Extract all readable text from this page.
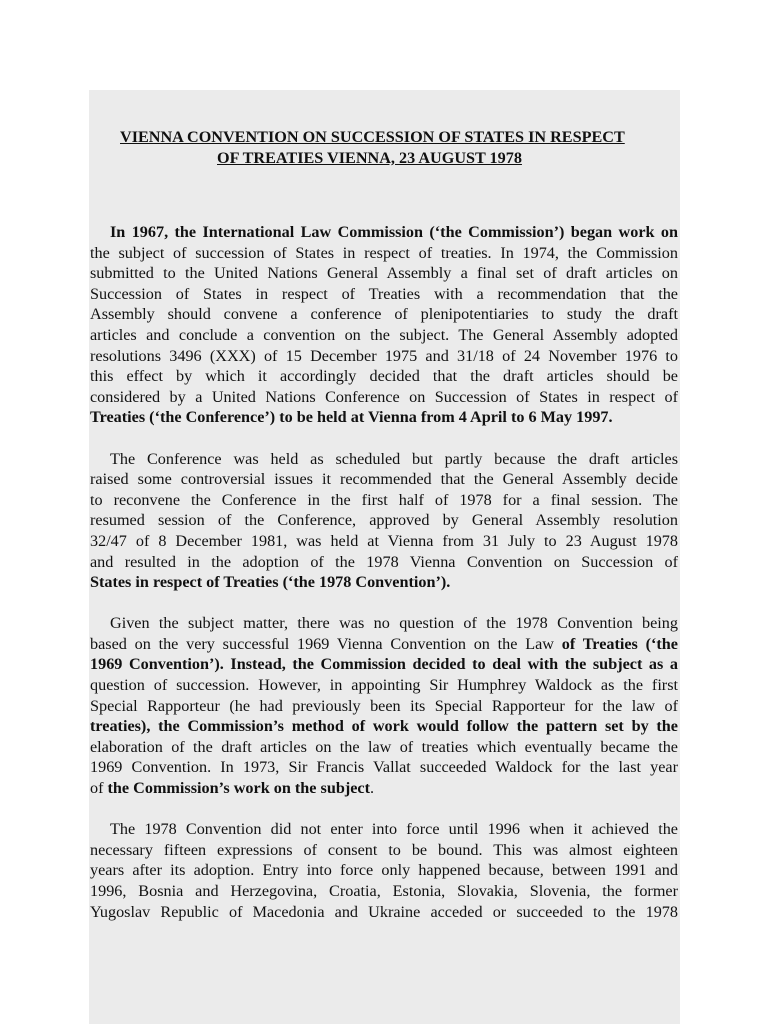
VIENNA CONVENTION ON SUCCESSION OF STATES IN RESPECT
OF TREATIES VIENNA, 23 AUGUST 1978
In 1967, the International Law Commission (‘the Commission’) began work on
the subject of succession of States in respect of treaties. In 1974, the Commission
submitted to the United Nations General Assembly a final set of draft articles on
Succession of States in respect of Treaties with a recommendation that the
Assembly should convene a conference of plenipotentiaries to study the draft
articles and conclude a convention on the subject. The General Assembly adopted
resolutions 3496 (XXX) of 15 December 1975 and 31/18 of 24 November 1976 to
this effect by which it accordingly decided that the draft articles should be
considered by a United Nations Conference on Succession of States in respect of
Treaties (‘the Conference’) to be held at Vienna from 4 April to 6 May 1997.
The Conference was held as scheduled but partly because the draft articles
raised some controversial issues it recommended that the General Assembly decide
to reconvene the Conference in the first half of 1978 for a final session. The
resumed session of the Conference, approved by General Assembly resolution
32/47 of 8 December 1981, was held at Vienna from 31 July to 23 August 1978
and resulted in the adoption of the 1978 Vienna Convention on Succession of
States in respect of Treaties (‘the 1978 Convention’).
Given the subject matter, there was no question of the 1978 Convention being
based on the very successful 1969 Vienna Convention on the Law of Treaties (‘the
1969 Convention’). Instead, the Commission decided to deal with the subject as a
question of succession. However, in appointing Sir Humphrey Waldock as the first
Special Rapporteur (he had previously been its Special Rapporteur for the law of
treaties), the Commission’s method of work would follow the pattern set by the
elaboration of the draft articles on the law of treaties which eventually became the
1969 Convention. In 1973, Sir Francis Vallat succeeded Waldock for the last year
of the Commission’s work on the subject.
The 1978 Convention did not enter into force until 1996 when it achieved the
necessary fifteen expressions of consent to be bound. This was almost eighteen
years after its adoption. Entry into force only happened because, between 1991 and
1996, Bosnia and Herzegovina, Croatia, Estonia, Slovakia, Slovenia, the former
Yugoslav Republic of Macedonia and Ukraine acceded or succeeded to the 1978
